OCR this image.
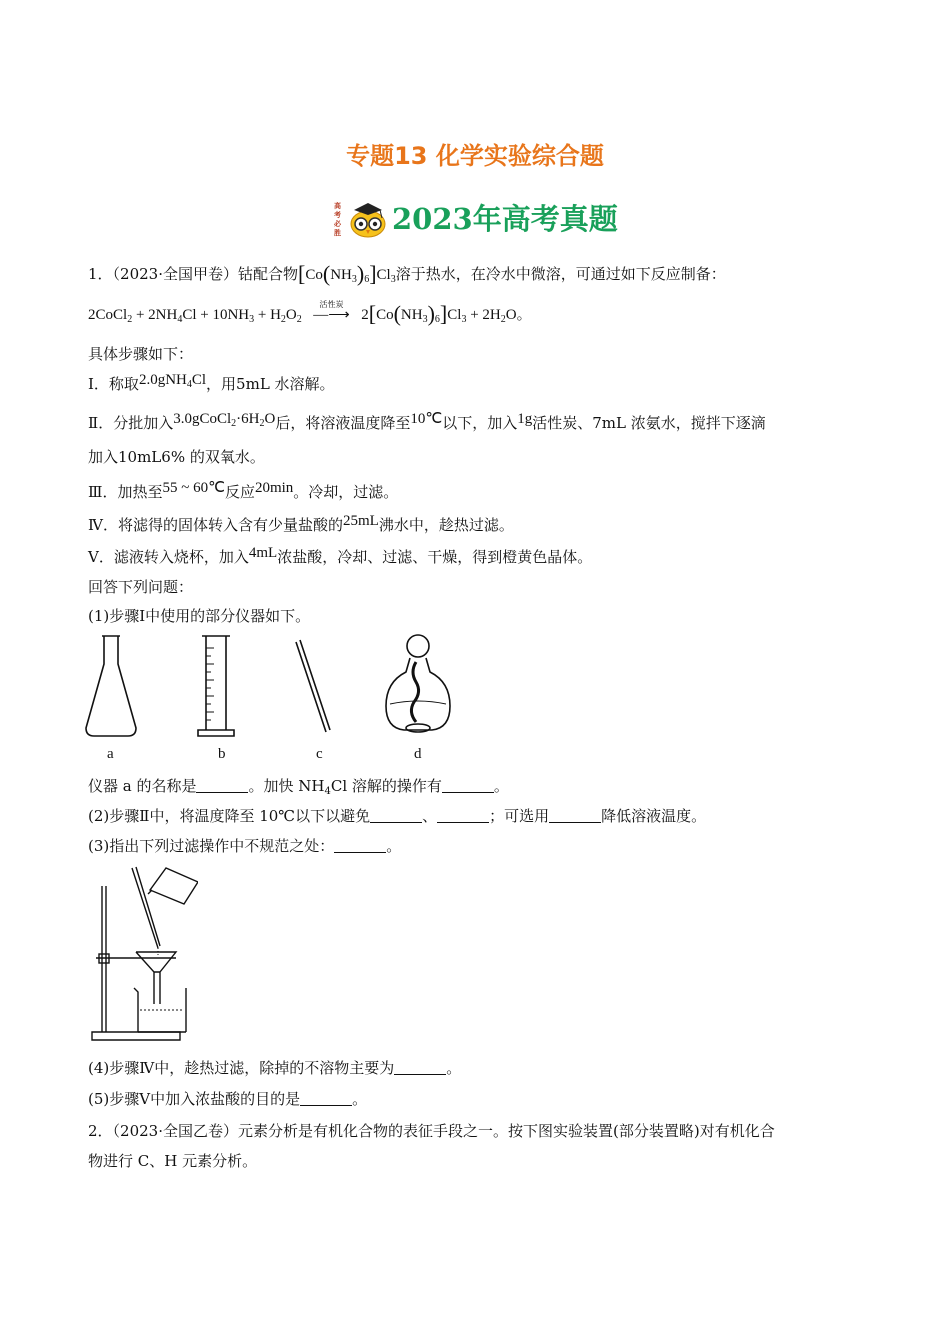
专题13 化学实验综合题
高
考
必
胜 2023年高考真题
1．（2023·全国甲卷）钴配合物$[Co(NH_3)_6]Cl_3$溶于热水，在冷水中微溶，可通过如下反应制备：
2CoCl$_2$ + $2NH_4Cl + 10NH_3 + H_2O_2$
活性炭
—⟶ $2[Co(NH_3)_6]Cl_3 + 2H_2O$。
具体步骤如下：
Ⅰ．称取2.0gNH$_4$Cl，用5mL 水溶解。
Ⅱ．分批加入$3.0gCoCl_2\cdot 6H_2O$后，将溶液温度降至10℃以下，加入1g活性炭、7mL 浓氨水，搅拌下逐滴
加入10mL6% 的双氧水。
Ⅲ．加热至55 ~ 60℃反应20min。冷却，过滤。
Ⅳ．将滤得的固体转入含有少量盐酸的25mL沸水中，趁热过滤。
Ⅴ．滤液转入烧杯，加入4mL浓盐酸，冷却、过滤、干燥，得到橙黄色晶体。
回答下列问题：
(1)步骤Ⅰ中使用的部分仪器如下。
a	b	c	d
仪器 a 的名称是	。加快 $NH_4Cl$ 溶解的操作有	。
(2)步骤Ⅱ中，将温度降至 10℃以下以避免	、	；可选用	降低溶液温度。
(3)指出下列过滤操作中不规范之处：	。
(4)步骤Ⅳ中，趁热过滤，除掉的不溶物主要为	。
(5)步骤Ⅴ中加入浓盐酸的目的是	。
2．（2023·全国乙卷）元素分析是有机化合物的表征手段之一。按下图实验装置(部分装置略)对有机化合
物进行 C、H 元素分析。
